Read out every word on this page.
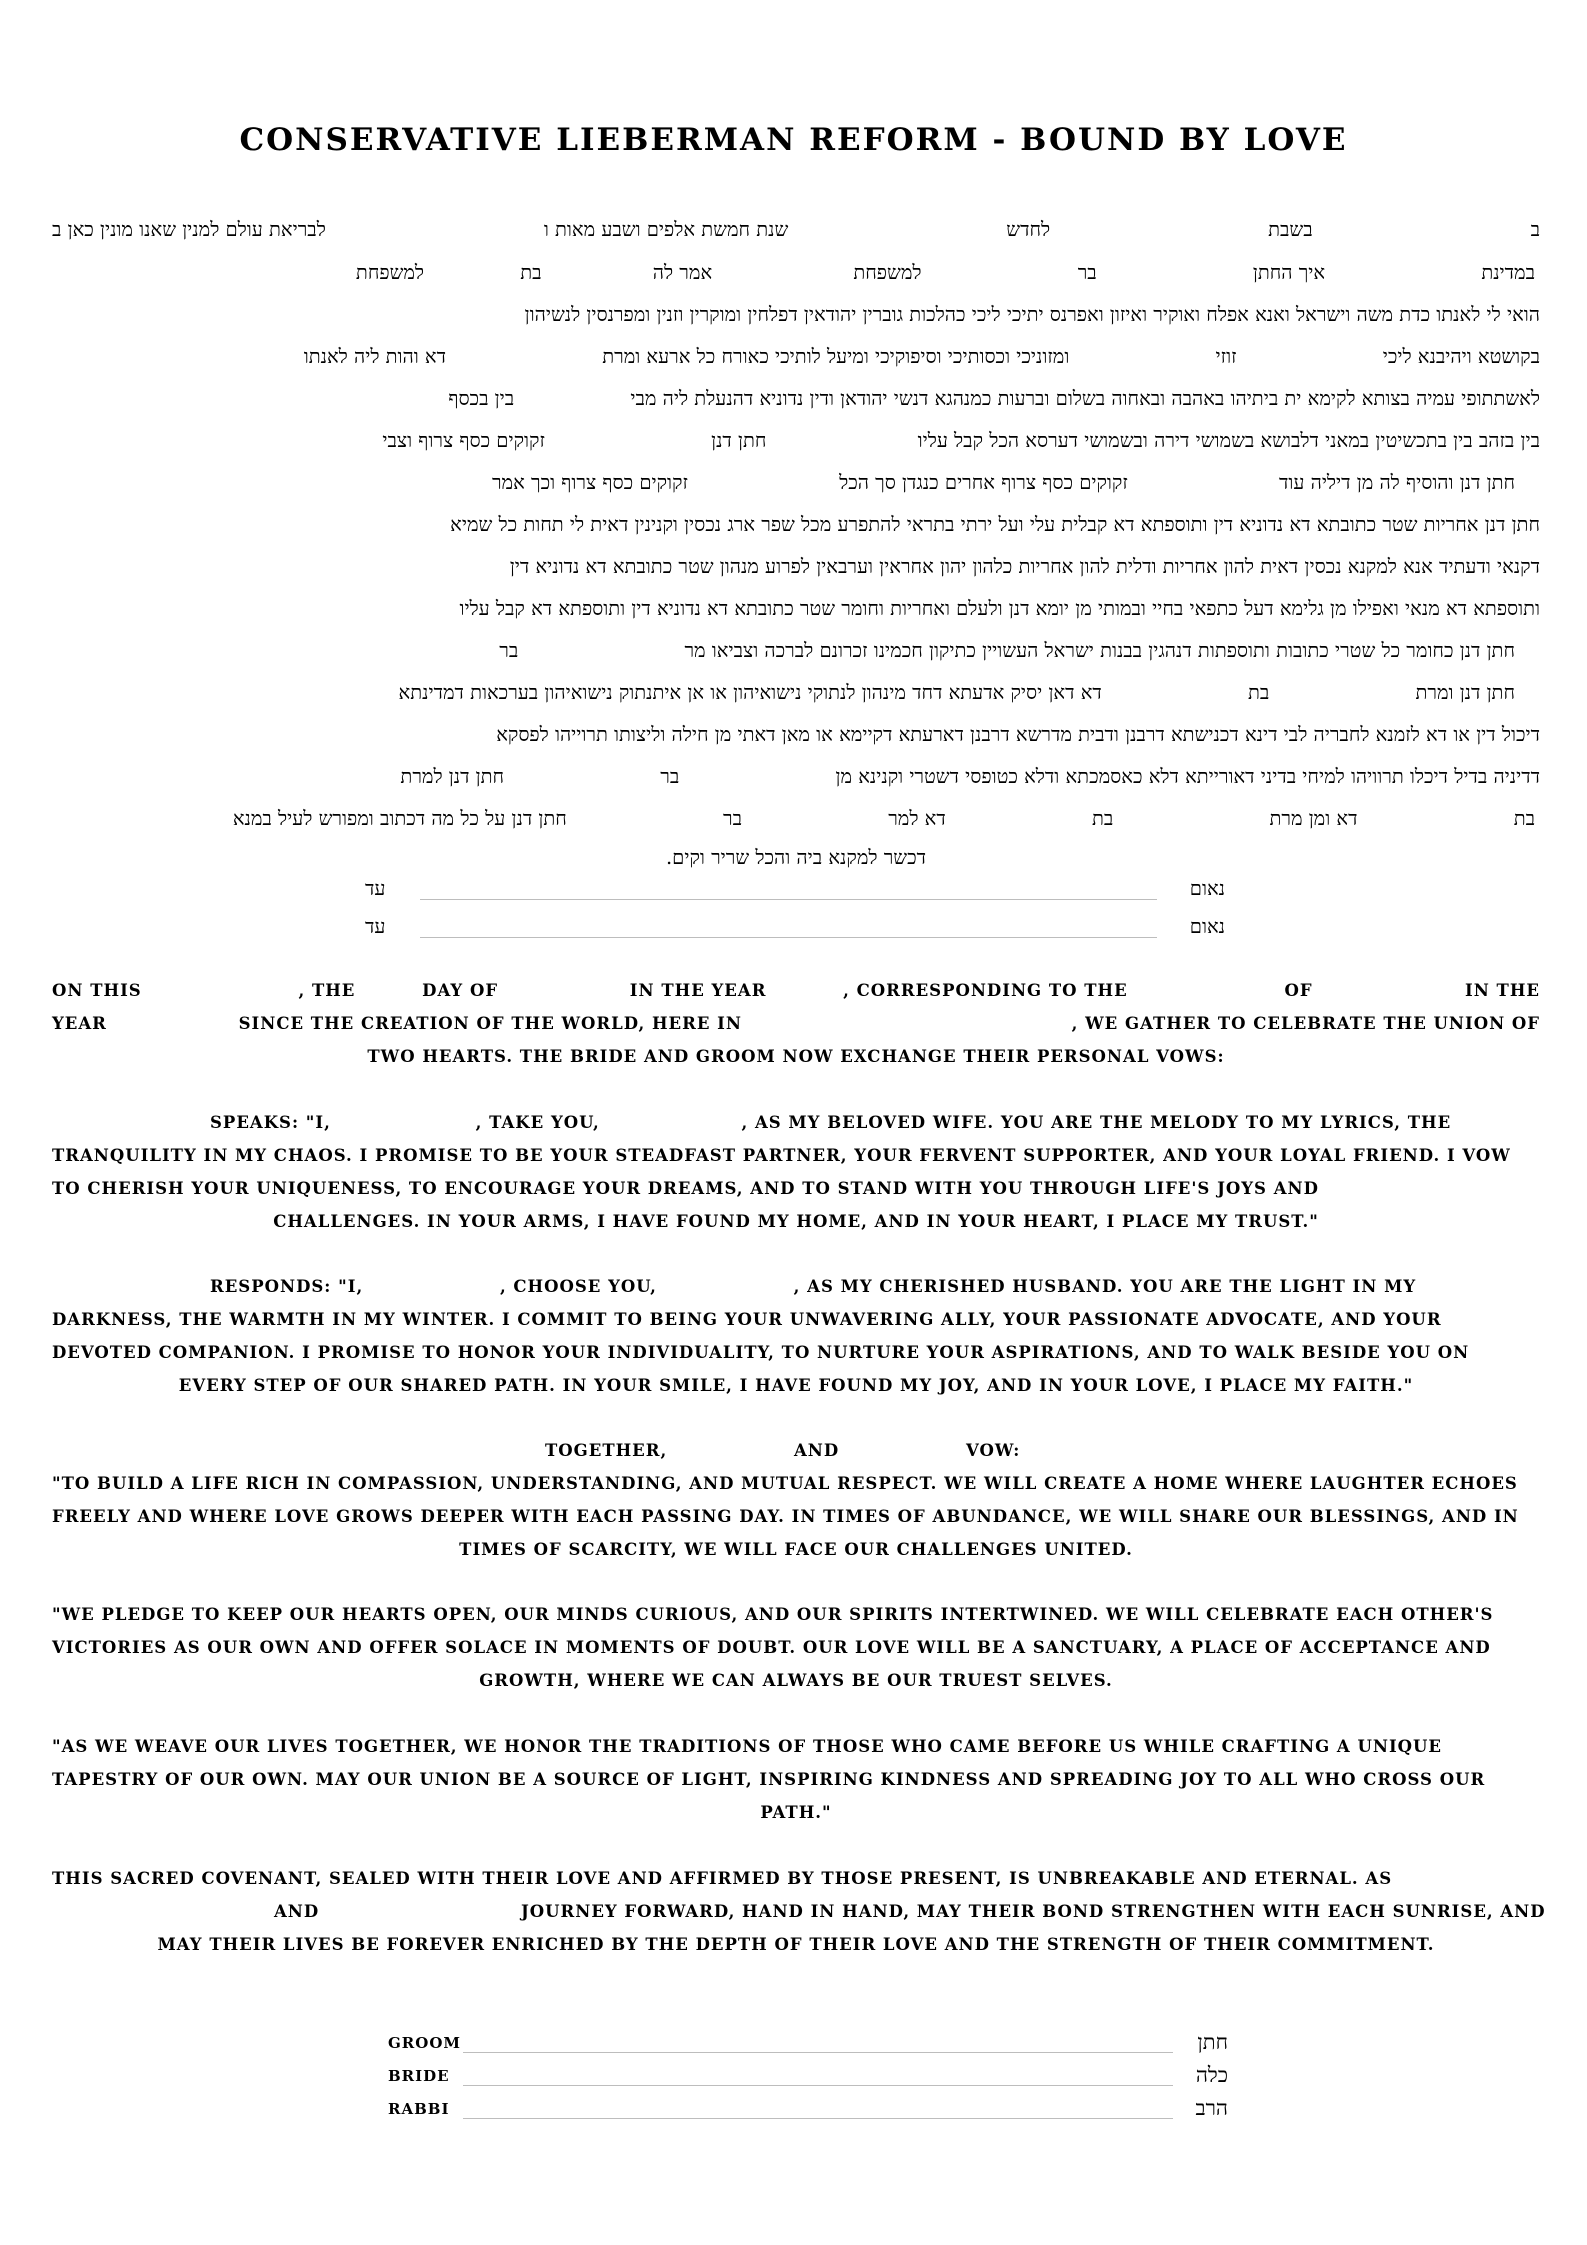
CONSERVATIVE LIEBERMAN REFORM - BOUND BY LOVE
ב
בשבת
לחדש
שנת חמשת אלפים ושבע מאות ו
לבריאת עולם למנין שאנו מונין כאן ב
במדינת איך החתן בר למשפחת אמר לה בת למשפחת
הואי לי לאנתו כדת משה וישראל ואנא אפלח ואוקיר ואיזון ואפרנס יתיכי ליכי כהלכות גוברין יהודאין דפלחין ומוקרין וזנין ומפרנסין לנשיהון
בקושטא ויהיבנא ליכי זוזי ומזוניכי וכסותיכי וסיפוקיכי ומיעל לותיכי כאורח כל ארעא ומרת דא והות ליה לאנתו
לאשתתופי עמיה בצותא לקימא ית ביתיהו באהבה ובאחוה בשלום וברעות כמנהגא דנשי יהודאן ודין נדוניא דהנעלת ליה מבי בין בכסף
בין בזהב בין בתכשיטין במאני דלבושא בשמושי דירה ובשמושי דערסא הכל קבל עליו חתן דנן זקוקים כסף צרוף וצבי
חתן דנן והוסיף לה מן דיליה עוד זקוקים כסף צרוף אחרים כנגדן סך הכל זקוקים כסף צרוף וכך אמר
חתן דנן אחריות שטר כתובתא דא נדוניא דין ותוספתא דא קבלית עלי ועל ירתי בתראי להתפרע מכל שפר ארג נכסין וקנינין דאית לי תחות כל שמיא
דקנאי ודעתיד אנא למקנא נכסין דאית להון אחריות ודלית להון אחריות כלהון יהון אחראין וערבאין לפרוע מנהון שטר כתובתא דא נדוניא דין
ותוספתא דא מנאי ואפילו מן גלימא דעל כתפאי בחיי ובמותי מן יומא דנן ולעלם ואחריות וחומר שטר כתובתא דא נדוניא דין ותוספתא דא קבל עליו
חתן דנן כחומר כל שטרי כתובות ותוספתות דנהגין בבנות ישראל העשויין כתיקון חכמינו זכרונם לברכה וצביאו מר בר
חתן דנן ומרת בת דא דאן יסיק אדעתא דחד מינהון לנתוקי נישואיהון או אן איתנתוק נישואיהון בערכאות דמדינתא
דיכול דין או דא לזמנא לחבריה לבי דינא דכנישתא דרבנן ודבית מדרשא דרבנן דארעתא דקיימא או מאן דאתי מן חילה וליצותו תרוייהו לפסקא
דדיניה בדיל דיכלו תרוויהו למיחי בדיני דאורייתא דלא כאסמכתא ודלא כטופסי דשטרי וקנינא מן בר חתן דנן למרת
בת דא ומן מרת בת דא למר בר חתן דנן על כל מה דכתוב ומפורש לעיל במנא
דכשר למקנא ביה והכל שריר וקים.
נאום
עד
נאום
עד
ON THIS	, THE	DAY OF	IN THE YEAR	, CORRESPONDING TO THE	OF	IN THE
YEAR	SINCE THE CREATION OF THE WORLD, HERE IN	, WE GATHER TO CELEBRATE THE UNION OF
TWO HEARTS. THE BRIDE AND GROOM NOW EXCHANGE THEIR PERSONAL VOWS:
SPEAKS: "I,	, TAKE YOU,	, AS MY BELOVED WIFE. YOU ARE THE MELODY TO MY LYRICS, THE
TRANQUILITY IN MY CHAOS. I PROMISE TO BE YOUR STEADFAST PARTNER, YOUR FERVENT SUPPORTER, AND YOUR LOYAL FRIEND. I VOW
TO CHERISH YOUR UNIQUENESS, TO ENCOURAGE YOUR DREAMS, AND TO STAND WITH YOU THROUGH LIFE'S JOYS AND
CHALLENGES. IN YOUR ARMS, I HAVE FOUND MY HOME, AND IN YOUR HEART, I PLACE MY TRUST."
RESPONDS: "I,	, CHOOSE YOU,	, AS MY CHERISHED HUSBAND. YOU ARE THE LIGHT IN MY
DARKNESS, THE WARMTH IN MY WINTER. I COMMIT TO BEING YOUR UNWAVERING ALLY, YOUR PASSIONATE ADVOCATE, AND YOUR
DEVOTED COMPANION. I PROMISE TO HONOR YOUR INDIVIDUALITY, TO NURTURE YOUR ASPIRATIONS, AND TO WALK BESIDE YOU ON
EVERY STEP OF OUR SHARED PATH. IN YOUR SMILE, I HAVE FOUND MY JOY, AND IN YOUR LOVE, I PLACE MY FAITH."
TOGETHER,	AND	VOW:
"TO BUILD A LIFE RICH IN COMPASSION, UNDERSTANDING, AND MUTUAL RESPECT. WE WILL CREATE A HOME WHERE LAUGHTER ECHOES
FREELY AND WHERE LOVE GROWS DEEPER WITH EACH PASSING DAY. IN TIMES OF ABUNDANCE, WE WILL SHARE OUR BLESSINGS, AND IN
TIMES OF SCARCITY, WE WILL FACE OUR CHALLENGES UNITED.
"WE PLEDGE TO KEEP OUR HEARTS OPEN, OUR MINDS CURIOUS, AND OUR SPIRITS INTERTWINED. WE WILL CELEBRATE EACH OTHER'S
VICTORIES AS OUR OWN AND OFFER SOLACE IN MOMENTS OF DOUBT. OUR LOVE WILL BE A SANCTUARY, A PLACE OF ACCEPTANCE AND
GROWTH, WHERE WE CAN ALWAYS BE OUR TRUEST SELVES.
"AS WE WEAVE OUR LIVES TOGETHER, WE HONOR THE TRADITIONS OF THOSE WHO CAME BEFORE US WHILE CRAFTING A UNIQUE
TAPESTRY OF OUR OWN. MAY OUR UNION BE A SOURCE OF LIGHT, INSPIRING KINDNESS AND SPREADING JOY TO ALL WHO CROSS OUR
PATH."
THIS SACRED COVENANT, SEALED WITH THEIR LOVE AND AFFIRMED BY THOSE PRESENT, IS UNBREAKABLE AND ETERNAL. AS
AND	JOURNEY FORWARD, HAND IN HAND, MAY THEIR BOND STRENGTHEN WITH EACH SUNRISE, AND
MAY THEIR LIVES BE FOREVER ENRICHED BY THE DEPTH OF THEIR LOVE AND THE STRENGTH OF THEIR COMMITMENT.
GROOM	חתן
BRIDE	כלה
RABBI	הרב
